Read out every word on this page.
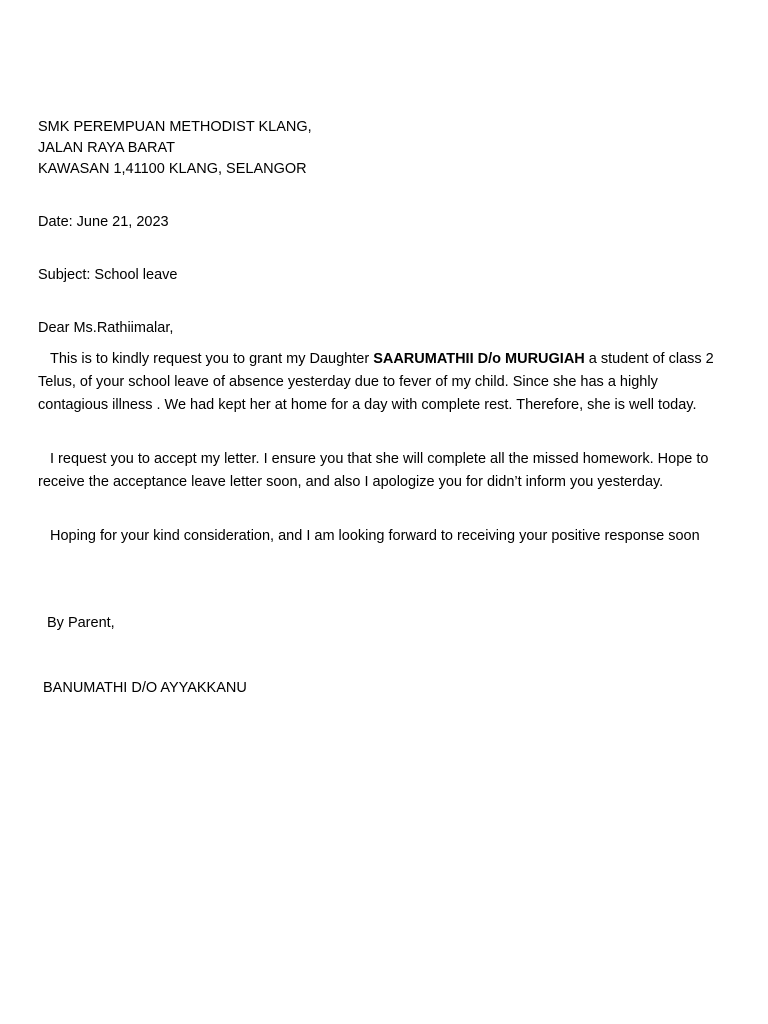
SMK PEREMPUAN METHODIST KLANG,
JALAN RAYA BARAT
KAWASAN 1,41100 KLANG, SELANGOR
Date: June 21, 2023
Subject: School leave
Dear Ms.Rathiimalar,
This is to kindly request you to grant my Daughter SAARUMATHII D/o MURUGIAH a student of class 2 Telus, of your school leave of absence yesterday due to fever of my child. Since she has a highly contagious illness . We had kept her at home for a day with complete rest. Therefore, she is well today.
I request you to accept my letter. I ensure you that she will complete all the missed homework. Hope to receive the acceptance leave letter soon, and also I apologize you for didn’t inform you yesterday.
Hoping for your kind consideration, and I am looking forward to receiving your positive response soon
By Parent,
BANUMATHI D/O AYYAKKANU
